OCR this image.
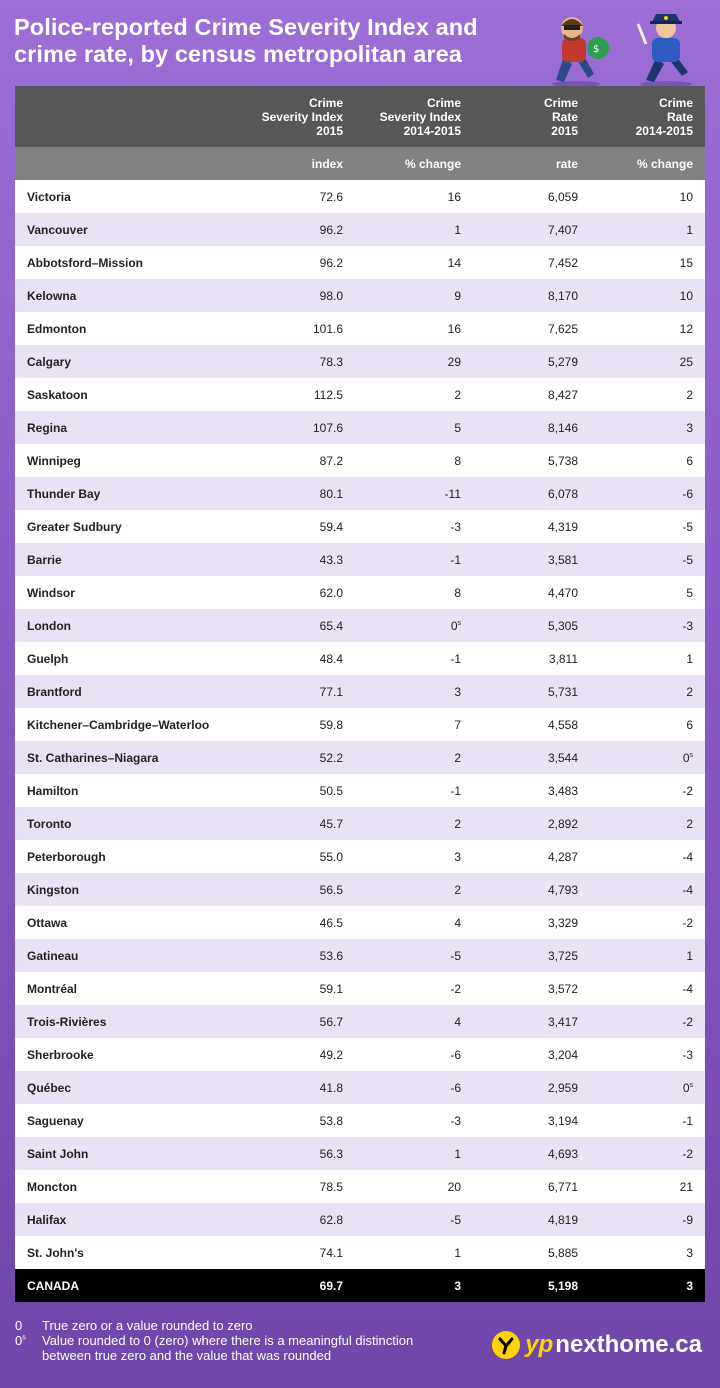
Police-reported Crime Severity Index and crime rate, by census metropolitan area	$
	Crime
Severity Index
2015	Crime
Severity Index
2014-2015	Crime
Rate
2015	Crime
Rate
2014-2015
	index	% change	rate	% change
Victoria	72.6	16	6,059	10
Vancouver	96.2	1	7,407	1
Abbotsford–Mission	96.2	14	7,452	15
Kelowna	98.0	9	8,170	10
Edmonton	101.6	16	7,625	12
Calgary	78.3	29	5,279	25
Saskatoon	112.5	2	8,427	2
Regina	107.6	5	8,146	3
Winnipeg	87.2	8	5,738	6
Thunder Bay	80.1	-11	6,078	-6
Greater Sudbury	59.4	-3	4,319	-5
Barrie	43.3	-1	3,581	-5
Windsor	62.0	8	4,470	5
London	65.4	0$^s$	5,305	-3
Guelph	48.4	-1	3,811	1
Brantford	77.1	3	5,731	2
Kitchener–Cambridge–Waterloo	59.8	7	4,558	6
St. Catharines–Niagara	52.2	2	3,544	0$^s$
Hamilton	50.5	-1	3,483	-2
Toronto	45.7	2	2,892	2
Peterborough	55.0	3	4,287	-4
Kingston	56.5	2	4,793	-4
Ottawa	46.5	4	3,329	-2
Gatineau	53.6	-5	3,725	1
Montréal	59.1	-2	3,572	-4
Trois-Rivières	56.7	4	3,417	-2
Sherbrooke	49.2	-6	3,204	-3
Québec	41.8	-6	2,959	0$^s$
Saguenay	53.8	-3	3,194	-1
Saint John	56.3	1	4,693	-2
Moncton	78.5	20	6,771	21
Halifax	62.8	-5	4,819	-9
St. John's	74.1	1	5,885	3
CANADA	69.7	3	5,198	3
0	True zero or a value rounded to zero
0$^s$	Value rounded to 0 (zero) where there is a meaningful distinction between true zero and the value that was rounded	yp nexthome.ca
